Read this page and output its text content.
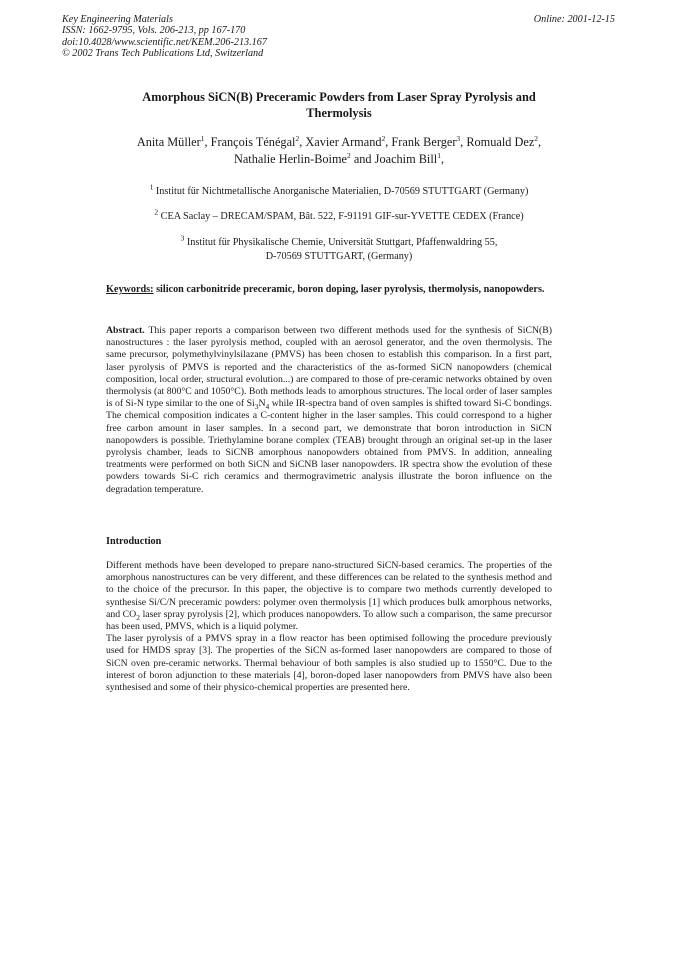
Key Engineering Materials
ISSN: 1662-9795, Vols. 206-213, pp 167-170
doi:10.4028/www.scientific.net/KEM.206-213.167
© 2002 Trans Tech Publications Ltd, Switzerland
Online: 2001-12-15
Amorphous SiCN(B) Preceramic Powders from Laser Spray Pyrolysis and
Thermolysis
Anita Müller$^1$, François Ténégal$^2$, Xavier Armand$^2$, Frank Berger$^3$, Romuald Dez$^2$,
Nathalie Herlin-Boime$^2$ and Joachim Bill$^1$,
$^1$ Institut für Nichtmetallische Anorganische Materialien, D-70569 STUTTGART (Germany)
$^2$ CEA Saclay – DRECAM/SPAM, Bât. 522, F-91191 GIF-sur-YVETTE CEDEX (France)
$^3$ Institut für Physikalische Chemie, Universität Stuttgart, Pfaffenwaldring 55,
D-70569 STUTTGART, (Germany)
Keywords: silicon carbonitride preceramic, boron doping, laser pyrolysis, thermolysis, nanopowders.
Abstract. This paper reports a comparison between two different methods used for the synthesis of SiCN(B) nanostructures : the laser pyrolysis method, coupled with an aerosol generator, and the oven thermolysis. The same precursor, polymethylvinylsilazane (PMVS) has been chosen to establish this comparison. In a first part, laser pyrolysis of PMVS is reported and the characteristics of the as-formed SiCN nanopowders (chemical composition, local order, structural evolution...) are compared to those of pre-ceramic networks obtained by oven thermolysis (at 800°C and 1050°C). Both methods leads to amorphous structures. The local order of laser samples is of Si-N type similar to the one of $Si_3N_4$ while IR-spectra band of oven samples is shifted toward Si-C bondings. The chemical composition indicates a C-content higher in the laser samples. This could correspond to a higher free carbon amount in laser samples. In a second part, we demonstrate that boron introduction in SiCN nanopowders is possible. Triethylamine borane complex (TEAB) brought through an original set-up in the laser pyrolysis chamber, leads to SiCNB amorphous nanopowders obtained from PMVS. In addition, annealing treatments were performed on both SiCN and SiCNB laser nanopowders. IR spectra show the evolution of these powders towards Si-C rich ceramics and thermogravimetric analysis illustrate the boron influence on the degradation temperature.
Introduction

Different methods have been developed to prepare nano-structured SiCN-based ceramics. The properties of the amorphous nanostructures can be very different, and these differences can be related to the synthesis method and to the choice of the precursor. In this paper, the objective is to compare two methods currently developed to synthesise Si/C/N preceramic powders: polymer oven thermolysis [1] which produces bulk amorphous networks, and $CO_2$ laser spray pyrolysis [2], which produces nanopowders. To allow such a comparison, the same precursor has been used, PMVS, which is a liquid polymer.

The laser pyrolysis of a PMVS spray in a flow reactor has been optimised following the procedure previously used for HMDS spray [3]. The properties of the SiCN as-formed laser nanopowders are compared to those of SiCN oven pre-ceramic networks. Thermal behaviour of both samples is also studied up to 1550°C. Due to the interest of boron adjunction to these materials [4], boron-doped laser nanopowders from PMVS have also been synthesised and some of their physico-chemical properties are presented here.
